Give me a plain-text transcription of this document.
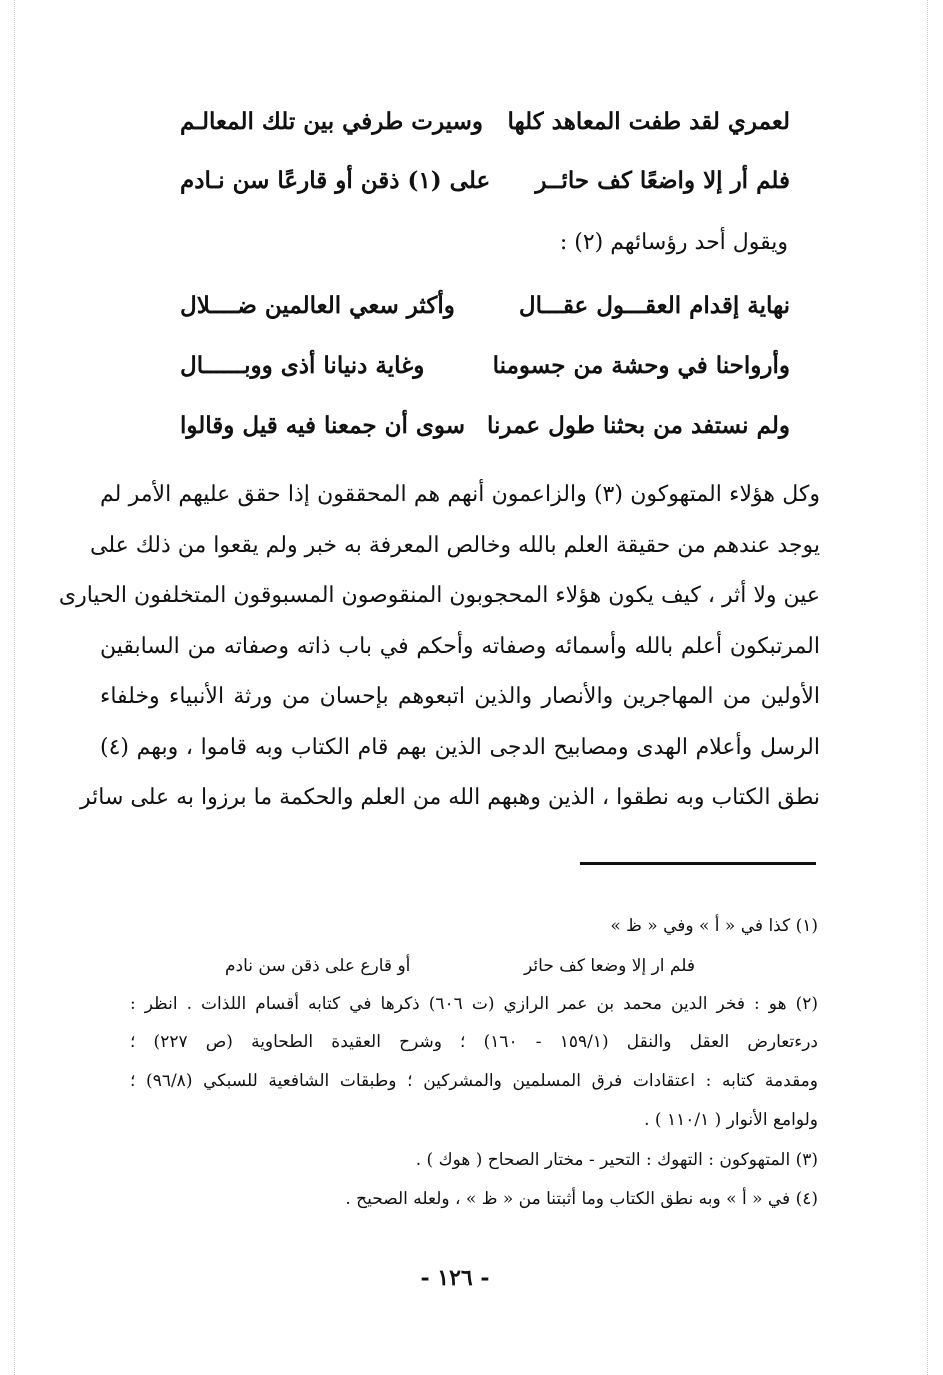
لعمري لقد طفت المعاهد كلها
وسيرت طرفي بين تلك المعالـم
فلم أر إلا واضعًا كف حائــر
على (١) ذقن أو قارعًا سن نـادم
ويقول أحد رؤسائهم (٢) :
نهاية إقدام العقـــول عقـــال
وأكثر سعي العالمين ضــــلال
وأرواحنا في وحشة من جسومنا
وغاية دنيانا أذى ووبــــــال
ولم نستفد من بحثنا طول عمرنا
سوى أن جمعنا فيه قيل وقالوا
وكل هؤلاء المتهوكون (٣) والزاعمون أنهم هم المحققون إذا حقق عليهم الأمر لم
يوجد عندهم من حقيقة العلم بالله وخالص المعرفة به خبر ولم يقعوا من ذلك على
عين ولا أثر ، كيف يكون هؤلاء المحجوبون المنقوصون المسبوقون المتخلفون الحيارى
المرتبكون أعلم بالله وأسمائه وصفاته وأحكم في باب ذاته وصفاته من السابقين
الأولين من المهاجرين والأنصار والذين اتبعوهم بإحسان من ورثة الأنبياء وخلفاء
الرسل وأعلام الهدى ومصابيح الدجى الذين بهم قام الكتاب وبه قاموا ، وبهم (٤)
نطق الكتاب وبه نطقوا ، الذين وهبهم الله من العلم والحكمة ما برزوا به على سائر
(١) كذا في « أ » وفي « ظ »
فلم ار إلا وضعا كف حائر
أو قارع على ذقن سن نادم
(٢) هو : فخر الدين محمد بن عمر الرازي (ت ٦٠٦) ذكرها في كتابه أقسام اللذات . انظر :
درءتعارض العقل والنقل (١٥٩/١ - ١٦٠) ؛ وشرح العقيدة الطحاوية (ص ٢٢٧) ؛
ومقدمة كتابه : اعتقادات فرق المسلمين والمشركين ؛ وطبقات الشافعية للسبكي (٩٦/٨) ؛
ولوامع الأنوار ( ١١٠/١ ) .
(٣) المتهوكون : التهوك : التحير - مختار الصحاح ( هوك ) .
(٤) في « أ » وبه نطق الكتاب وما أثبتنا من « ظ » ، ولعله الصحيح .
- ١٢٦ -
